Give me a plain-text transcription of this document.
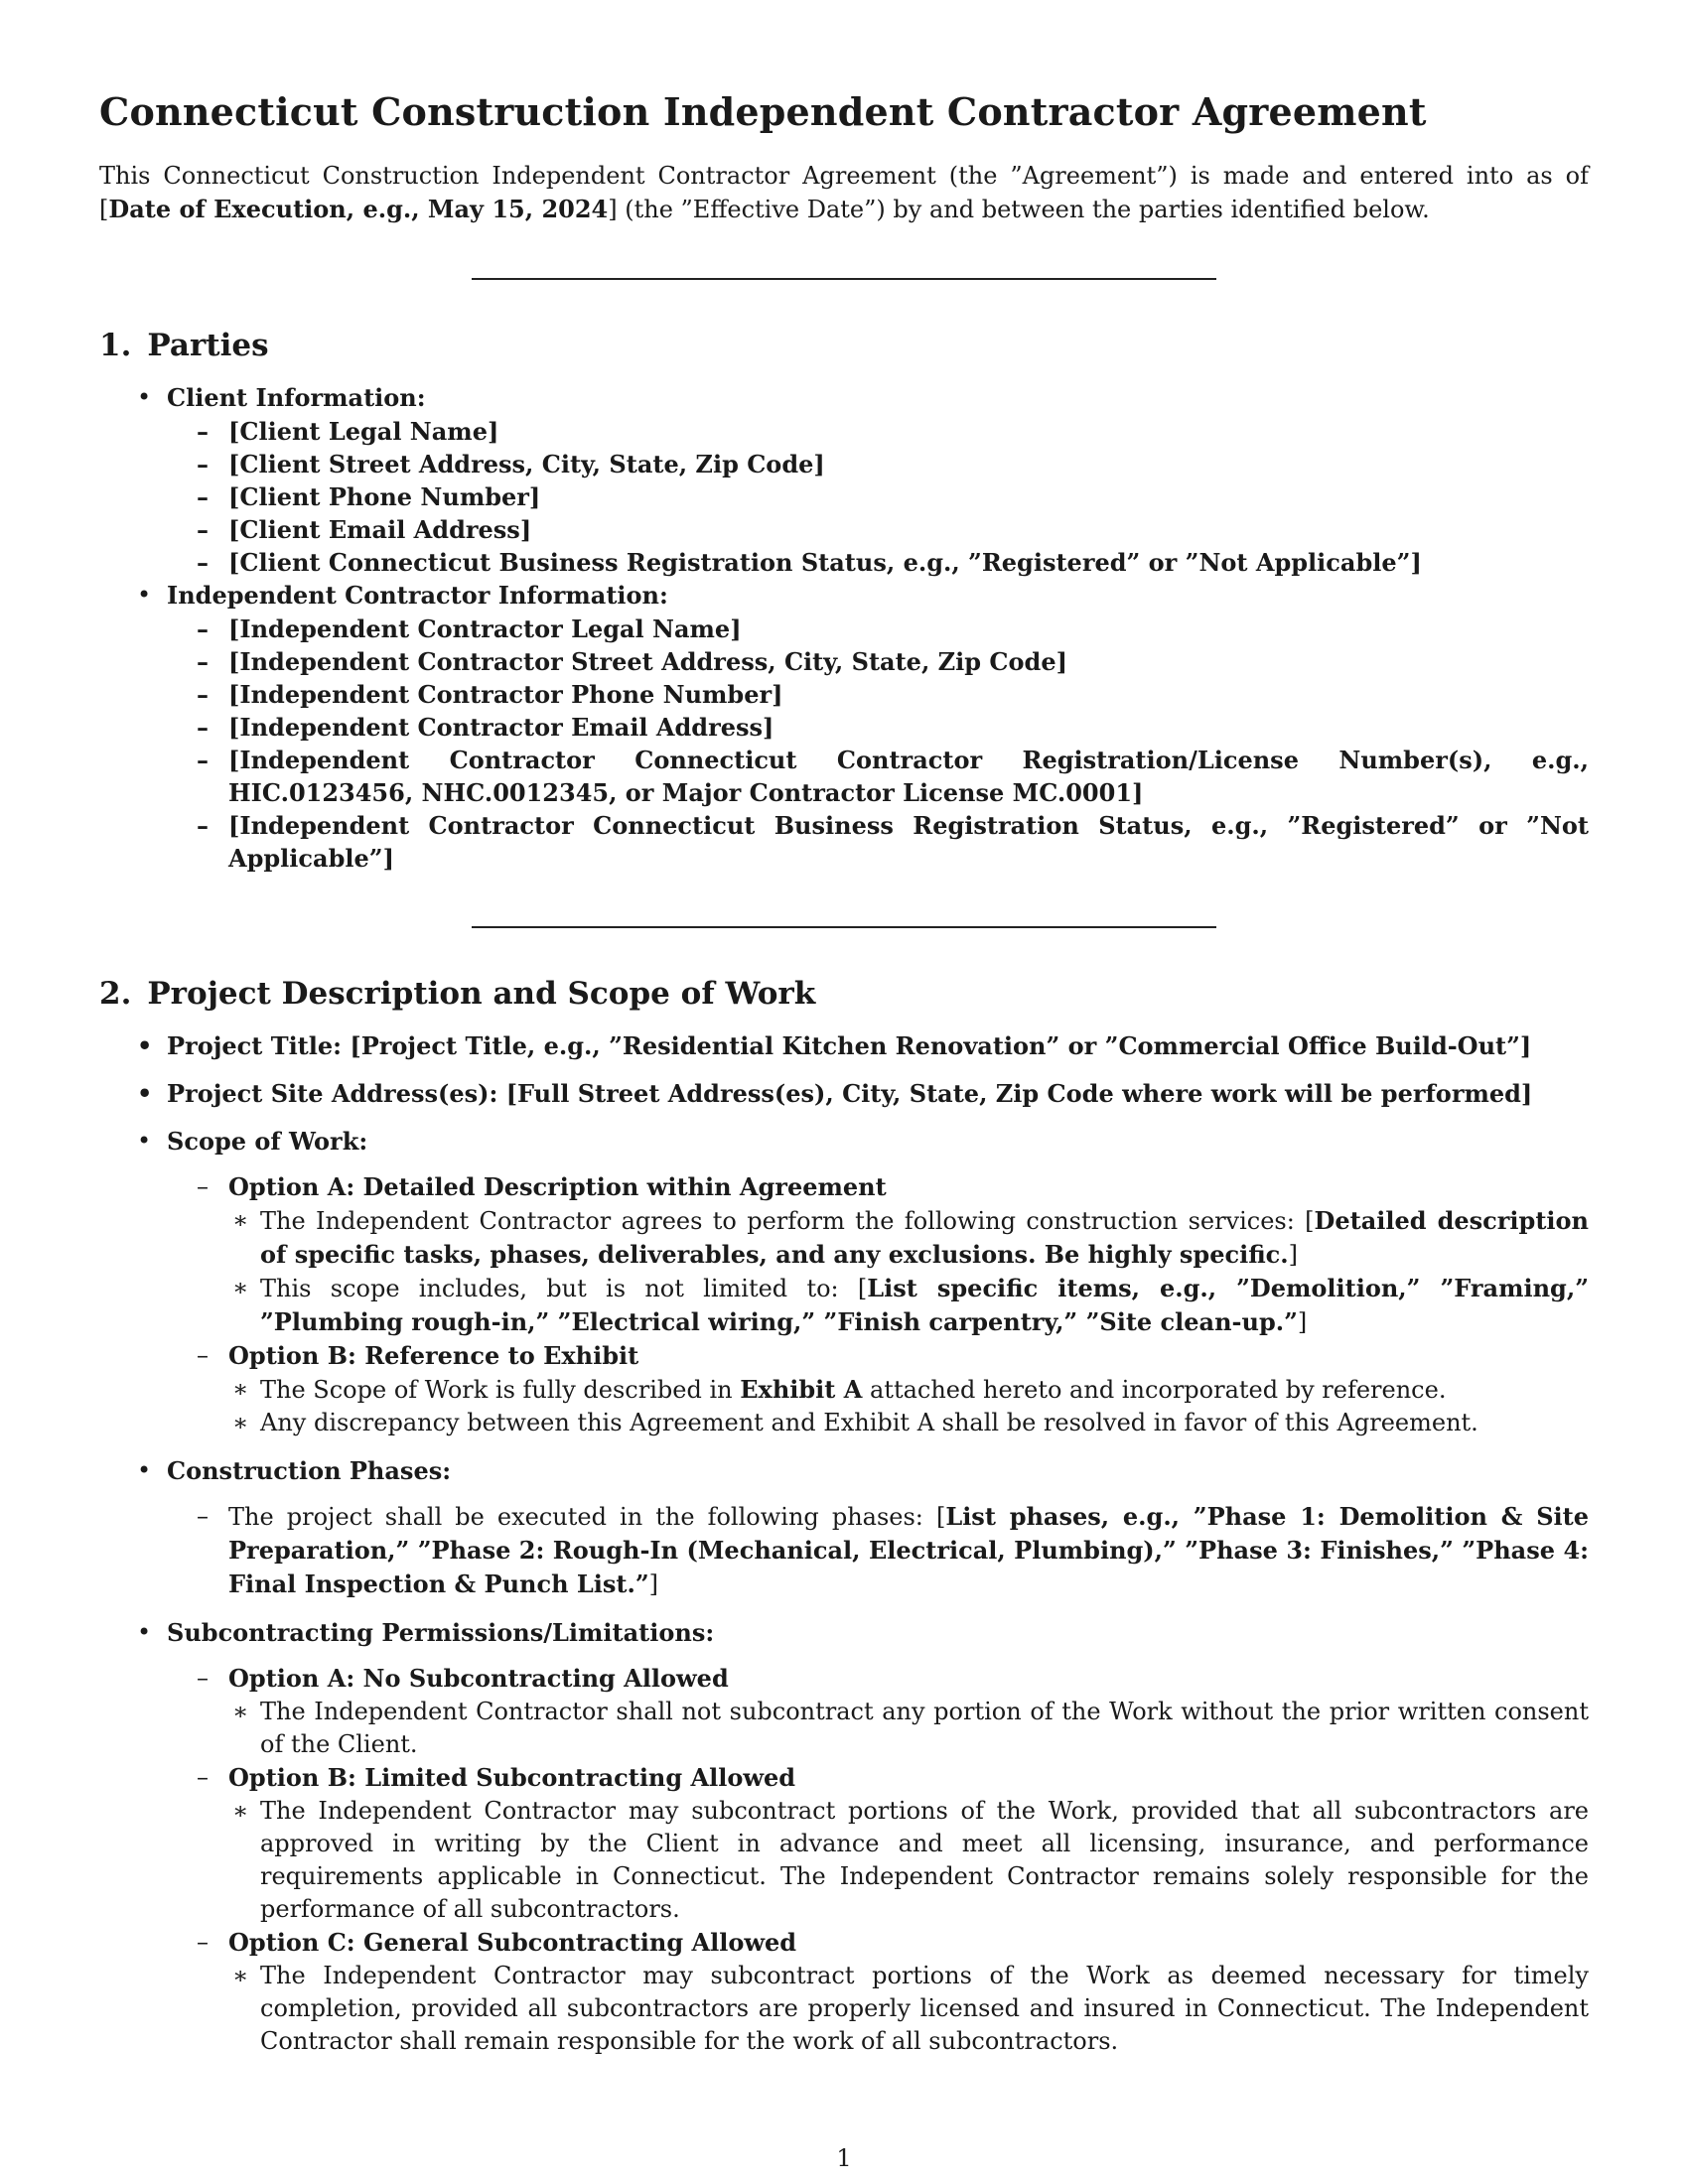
Connecticut Construction Independent Contractor Agreement

This Connecticut Construction Independent Contractor Agreement (the ”Agreement”) is made and entered into as of [Date of Execution, e.g., May 15, 2024] (the ”Effective Date”) by and between the parties identified below.

1. Parties
• Client Information:
– [Client Legal Name]
– [Client Street Address, City, State, Zip Code]
– [Client Phone Number]
– [Client Email Address]
– [Client Connecticut Business Registration Status, e.g., ”Registered” or ”Not Applicable”]
• Independent Contractor Information:
– [Independent Contractor Legal Name]
– [Independent Contractor Street Address, City, State, Zip Code]
– [Independent Contractor Phone Number]
– [Independent Contractor Email Address]
– [Independent Contractor Connecticut Contractor Registration/License Number(s), e.g., HIC.0123456, NHC.0012345, or Major Contractor License MC.0001]
– [Independent Contractor Connecticut Business Registration Status, e.g., ”Registered” or ”Not Applicable”]
2. Project Description and Scope of Work
• Project Title: [Project Title, e.g., ”Residential Kitchen Renovation” or ”Commercial Office Build-Out”]
• Project Site Address(es): [Full Street Address(es), City, State, Zip Code where work will be performed]
• Scope of Work:
– Option A: Detailed Description within Agreement
∗ The Independent Contractor agrees to perform the following construction services: [Detailed description of specific tasks, phases, deliverables, and any exclusions. Be highly specific.]
∗ This scope includes, but is not limited to: [List specific items, e.g., ”Demolition,” ”Framing,” ”Plumbing rough-in,” ”Electrical wiring,” ”Finish carpentry,” ”Site clean-up.”]
– Option B: Reference to Exhibit
∗ The Scope of Work is fully described in Exhibit A attached hereto and incorporated by reference.
∗ Any discrepancy between this Agreement and Exhibit A shall be resolved in favor of this Agreement.
• Construction Phases:
– The project shall be executed in the following phases: [List phases, e.g., ”Phase 1: Demolition & Site Preparation,” ”Phase 2: Rough-In (Mechanical, Electrical, Plumbing),” ”Phase 3: Finishes,” ”Phase 4: Final Inspection & Punch List.”]
• Subcontracting Permissions/Limitations:
– Option A: No Subcontracting Allowed
∗ The Independent Contractor shall not subcontract any portion of the Work without the prior written consent of the Client.
– Option B: Limited Subcontracting Allowed
∗ The Independent Contractor may subcontract portions of the Work, provided that all subcontractors are approved in writing by the Client in advance and meet all licensing, insurance, and performance requirements applicable in Connecticut. The Independent Contractor remains solely responsible for the performance of all subcontractors.
– Option C: General Subcontracting Allowed
∗ The Independent Contractor may subcontract portions of the Work as deemed necessary for timely completion, provided all subcontractors are properly licensed and insured in Connecticut. The Independent Contractor shall remain responsible for the work of all subcontractors.
1
